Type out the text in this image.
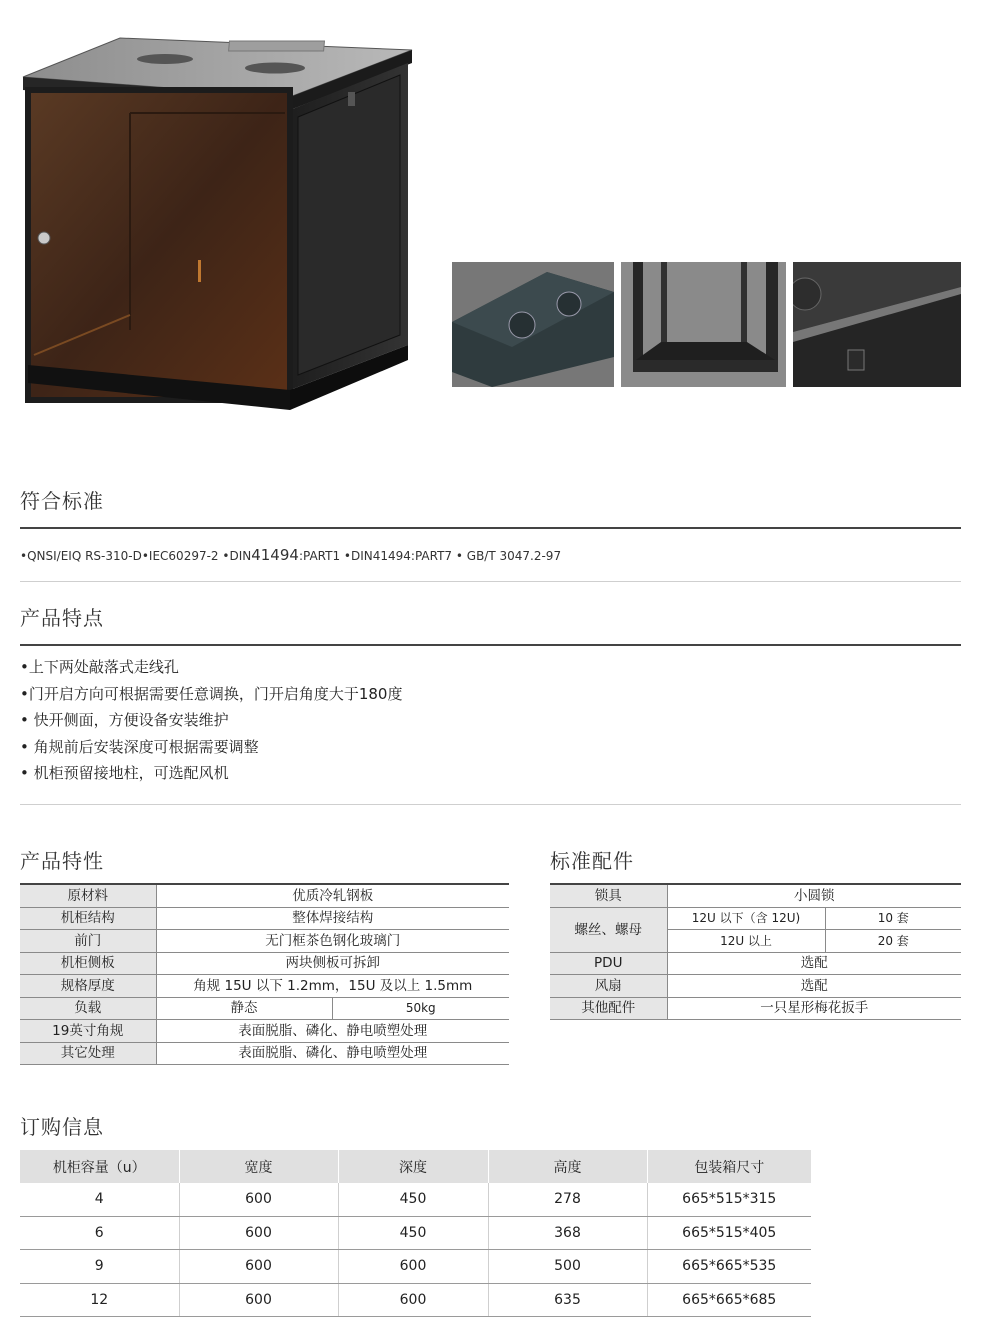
符合标准
•QNSI/EIQ RS-310-D•IEC60297-2 •DIN41494:PART1 •DIN41494:PART7 • GB/T 3047.2-97
产品特点
•上下两处敲落式走线孔
•门开启方向可根据需要任意调换，门开启角度大于180度
• 快开侧面，方便设备安装维护
• 角规前后安装深度可根据需要调整
• 机柜预留接地柱，可选配风机
产品特性
原材料	优质冷轧钢板	
机柜结构	整体焊接结构	
前门	无门框茶色钢化玻璃门	
机柜侧板	两块侧板可拆卸	
规格厚度	角规 15U 以下 1.2mm，15U 及以上 1.5mm	
负载	静态	50kg
19英寸角规	表面脱脂、磷化、静电喷塑处理	
其它处理	表面脱脂、磷化、静电喷塑处理	
标准配件
锁具	小圆锁	
螺丝、螺母	12U 以下（含 12U)	10 套
	12U 以上	20 套
PDU	选配	
风扇	选配	
其他配件	一只星形梅花扳手	
订购信息
机柜容量（u）	宽度	深度	高度	包装箱尺寸
4	600	450	278	665*515*315
6	600	450	368	665*515*405
9	600	600	500	665*665*535
12	600	600	635	665*665*685
